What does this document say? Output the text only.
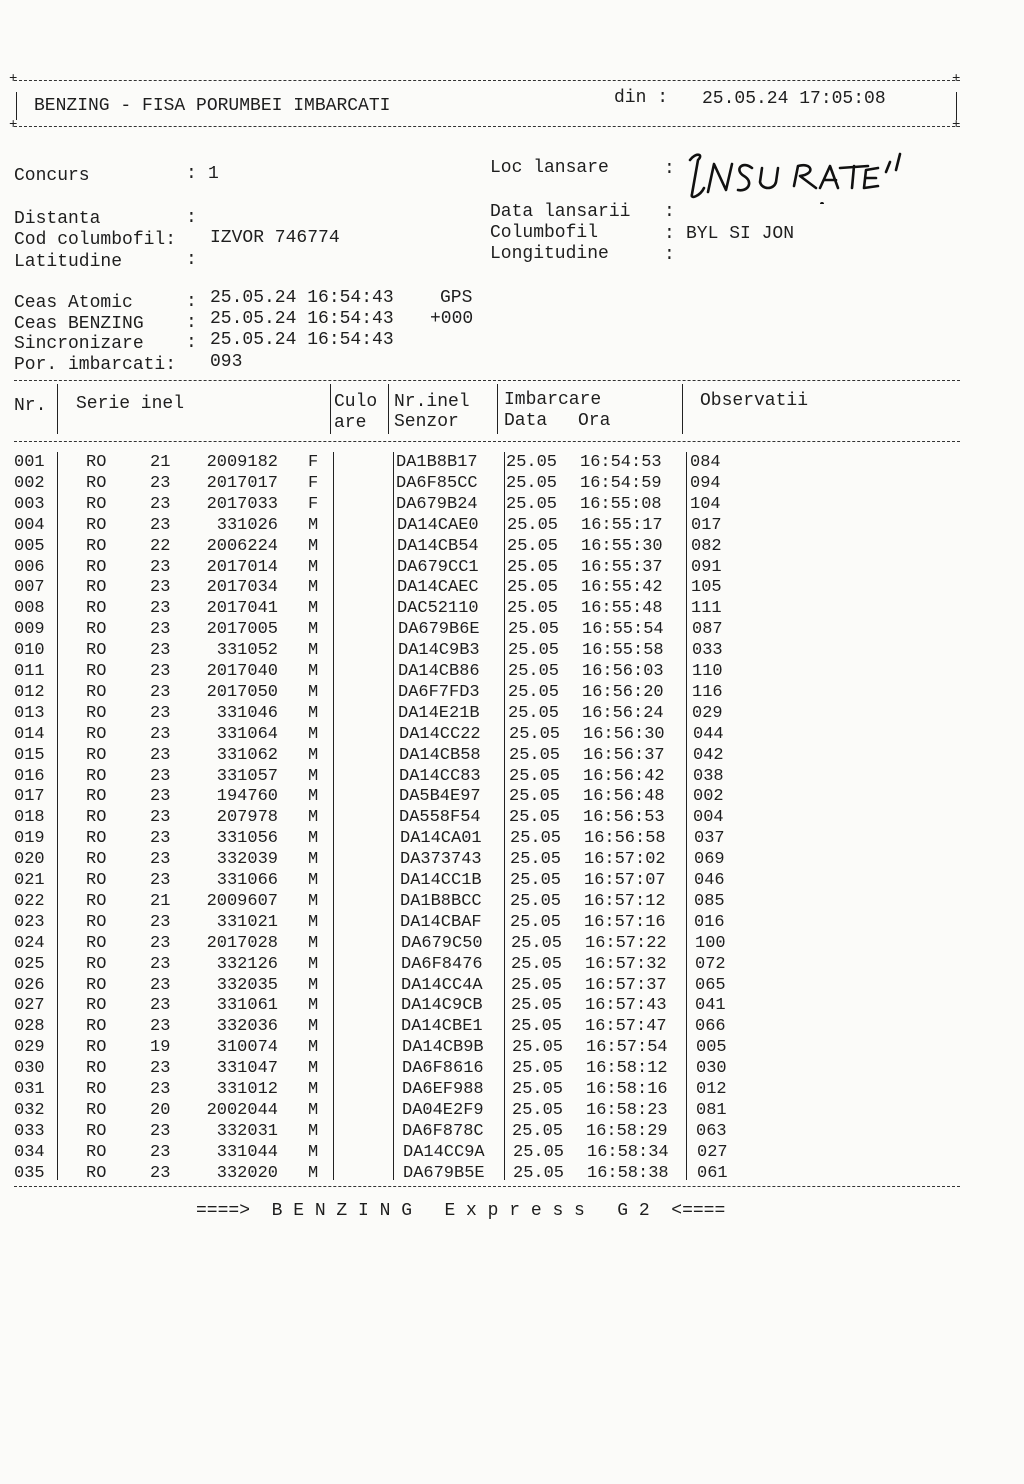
+	+
BENZING - FISA PORUMBEI IMBARCATI	din : 25.05.24 17:05:08
+	+
Concurs	: 1
Distanta	:
Cod columbofil: IZVOR 746774
Latitudine	:
Loc lansare	:
Data lansarii :
Columbofil	: BYL SI JON
Longitudine	:
Ceas Atomic	: 25.05.24 16:54:43	GPS
Ceas BENZING : 25.05.24 16:54:43 +000
Sincronizare : 25.05.24 16:54:43
Por. imbarcati: 093
Nr. Serie inel	Culo
are
Nr.inel
Senzor
Imbarcare
Data Ora
Observatii
001 RO	21	2009182 F	DA1B8B17 25.05 16:54:53 084
002 RO	23	2017017 F	DA6F85CC 25.05 16:54:59 094
003 RO	23	2017033 F	DA679B24 25.05 16:55:08 104
004 RO	23	331026 M	DA14CAE0 25.05 16:55:17 017
005 RO	22	2006224 M	DA14CB54 25.05 16:55:30 082
006 RO	23	2017014 M	DA679CC1 25.05 16:55:37 091
007 RO	23	2017034 M	DA14CAEC 25.05 16:55:42 105
008 RO	23	2017041 M	DAC52110 25.05 16:55:48 111
009 RO	23	2017005 M	DA679B6E 25.05 16:55:54 087
010 RO	23	331052 M	DA14C9B3 25.05 16:55:58 033
011 RO	23	2017040 M	DA14CB86 25.05 16:56:03 110
012 RO	23	2017050 M	DA6F7FD3 25.05 16:56:20 116
013 RO	23	331046 M	DA14E21B 25.05 16:56:24 029
014 RO	23	331064 M	DA14CC22 25.05 16:56:30 044
015 RO	23	331062 M	DA14CB58 25.05 16:56:37 042
016 RO	23	331057 M	DA14CC83 25.05 16:56:42 038
017 RO	23	194760 M	DA5B4E97 25.05 16:56:48 002
018 RO	23	207978 M	DA558F54 25.05 16:56:53 004
019 RO	23	331056 M	DA14CA01 25.05 16:56:58 037
020 RO	23	332039 M	DA373743 25.05 16:57:02 069
021 RO	23	331066 M	DA14CC1B 25.05 16:57:07 046
022 RO	21	2009607 M	DA1B8BCC 25.05 16:57:12 085
023 RO	23	331021 M	DA14CBAF 25.05 16:57:16 016
024 RO	23	2017028 M	DA679C50 25.05 16:57:22 100
025 RO	23	332126 M	DA6F8476 25.05 16:57:32 072
026 RO	23	332035 M	DA14CC4A 25.05 16:57:37 065
027 RO	23	331061 M	DA14C9CB 25.05 16:57:43 041
028 RO	23	332036 M	DA14CBE1 25.05 16:57:47 066
029 RO	19	310074 M	DA14CB9B 25.05 16:57:54 005
030 RO	23	331047 M	DA6F8616 25.05 16:58:12 030
031 RO	23	331012 M	DA6EF988 25.05 16:58:16 012
032 RO	20	2002044 M	DA04E2F9 25.05 16:58:23 081
033 RO	23	332031 M	DA6F878C 25.05 16:58:29 063
034 RO	23	331044 M	DA14CC9A 25.05 16:58:34 027
035 RO	23	332020 M	DA679B5E 25.05 16:58:38 061
====>  B E N Z I N G   E x p r e s s   G 2  <====
